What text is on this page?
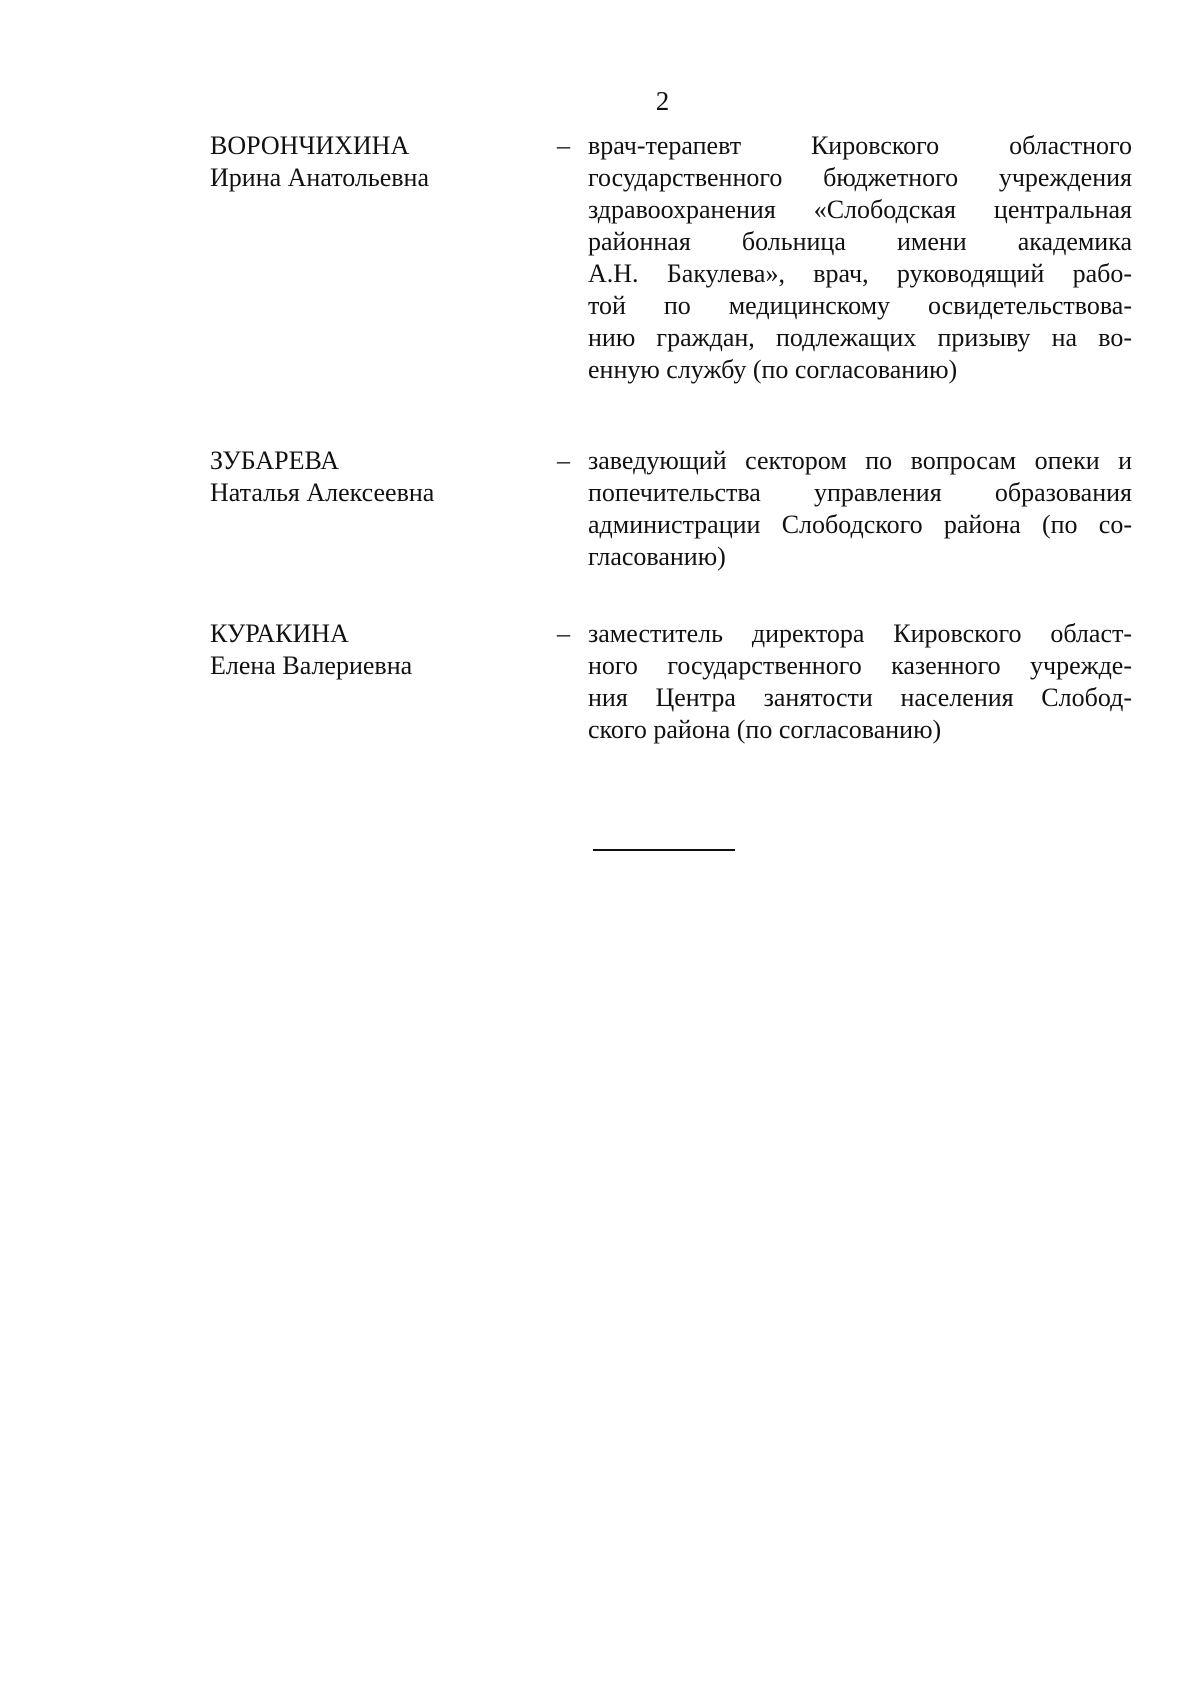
2
ВОРОНЧИХИНА
Ирина Анатольевна
– врач-терапевт Кировского областного
государственного бюджетного учреждения
здравоохранения «Слободская центральная
районная больница имени академика
А.Н. Бакулева», врач, руководящий рабо-
той по медицинскому освидетельствова-
нию граждан, подлежащих призыву на во-
енную службу (по согласованию)
ЗУБАРЕВА
Наталья Алексеевна
– заведующий сектором по вопросам опеки и
попечительства управления образования
администрации Слободского района (по со-
гласованию)
КУРАКИНА
Елена Валериевна
– заместитель директора Кировского област-
ного государственного казенного учрежде-
ния Центра занятости населения Слобод-
ского района (по согласованию)
